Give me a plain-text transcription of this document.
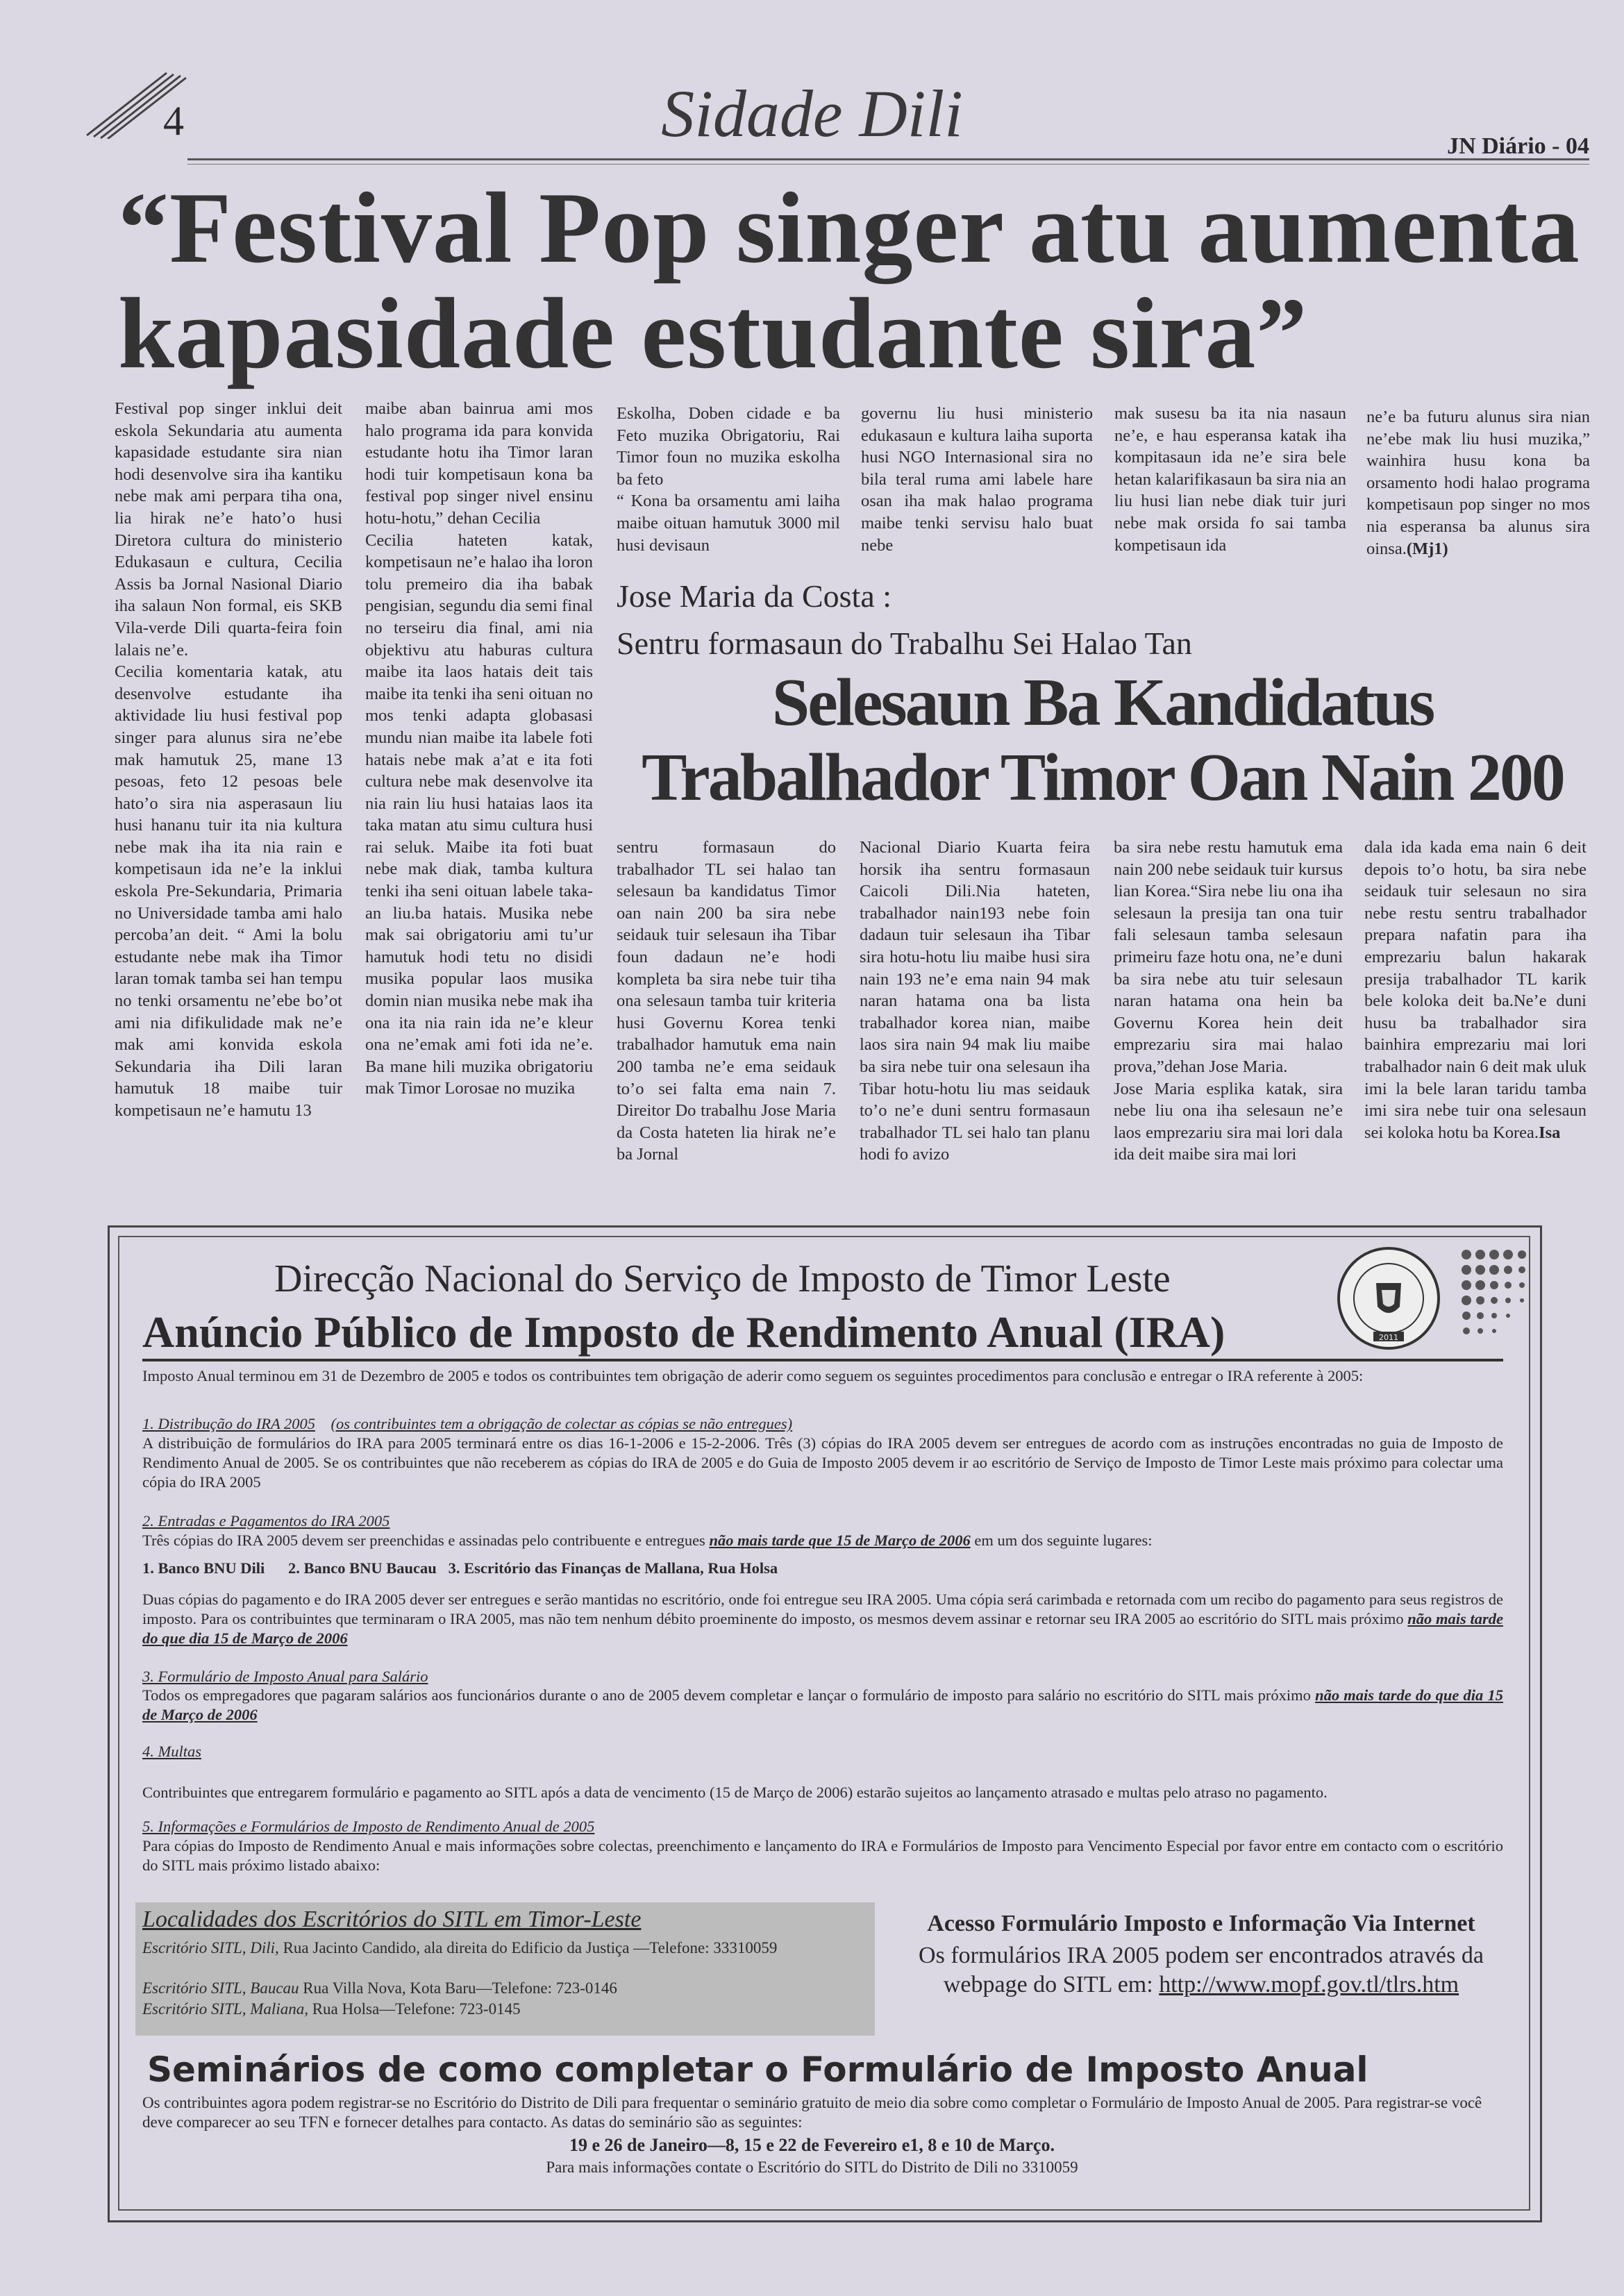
4	Sidade Dili	JN Diário - 04
“Festival Pop singer atu aumenta
kapasidade estudante sira”
Festival pop singer inklui deit eskola Sekundaria atu aumenta kapasidade estudante sira nian hodi desenvolve sira iha kantiku nebe mak ami perpara tiha ona, lia hirak ne’e hato’o husi Diretora cultura do ministerio Edukasaun e cultura, Cecilia Assis ba Jornal Nasional Diario iha salaun Non formal, eis SKB Vila-verde Dili quarta-feira foin lalais ne’e.
Cecilia komentaria katak, atu desenvolve estudante iha aktividade liu husi festival pop singer para alunus sira ne’ebe mak hamutuk 25, mane 13 pesoas, feto 12 pesoas bele hato’o sira nia asperasaun liu husi hananu tuir ita nia kultura nebe mak iha ita nia rain e kompetisaun ida ne’e la inklui eskola Pre-Sekundaria, Primaria no Universidade tamba ami halo percoba’an deit. “ Ami la bolu estudante nebe mak iha Timor laran tomak tamba sei han tempu no tenki orsamentu ne’ebe bo’ot ami nia difikulidade mak ne’e mak ami konvida eskola Sekundaria iha Dili laran hamutuk 18 maibe tuir kompetisaun ne’e hamutu 13
maibe aban bainrua ami mos halo programa ida para konvida estudante hotu iha Timor laran hodi tuir kompetisaun kona ba festival pop singer nivel ensinu hotu-hotu,” dehan Cecilia
Cecilia hateten katak, kompetisaun ne’e halao iha loron tolu premeiro dia iha babak pengisian, segundu dia semi final no terseiru dia final, ami nia objektivu atu haburas cultura maibe ita laos hatais deit tais maibe ita tenki iha seni oituan no mos tenki adapta globasasi mundu nian maibe ita labele foti hatais nebe mak a’at e ita foti cultura nebe mak desenvolve ita nia rain liu husi hataias laos ita taka matan atu simu cultura husi rai seluk. Maibe ita foti buat nebe mak diak, tamba kultura tenki iha seni oituan labele taka-an liu.ba hatais. Musika nebe mak sai obrigatoriu ami tu’ur hamutuk hodi tetu no disidi musika popular laos musika domin nian musika nebe mak iha ona ita nia rain ida ne’e kleur ona ne’emak ami foti ida ne’e. Ba mane hili muzika obrigatoriu mak Timor Lorosae no muzika
Eskolha, Doben cidade e ba Feto muzika Obrigatoriu, Rai Timor foun no muzika eskolha ba feto
“ Kona ba orsamentu ami laiha maibe oituan hamutuk 3000 mil husi devisaun
governu liu husi ministerio edukasaun e kultura laiha suporta husi NGO Internasional sira no bila teral ruma ami labele hare osan iha mak halao programa maibe tenki servisu halo buat nebe
mak susesu ba ita nia nasaun ne’e, e hau esperansa katak iha kompitasaun ida ne’e sira bele hetan kalarifikasaun ba sira nia an liu husi lian nebe diak tuir juri nebe mak orsida fo sai tamba kompetisaun ida
ne’e ba futuru alunus sira nian ne’ebe mak liu husi muzika,” wainhira husu kona ba orsamento hodi halao programa kompetisaun pop singer no mos nia esperansa ba alunus sira oinsa.(Mj1)
Jose Maria da Costa :
Sentru formasaun do Trabalhu Sei Halao Tan
Selesaun Ba Kandidatus
Trabalhador Timor Oan Nain 200
sentru formasaun do trabalhador TL sei halao tan selesaun ba kandidatus Timor oan nain 200 ba sira nebe seidauk tuir selesaun iha Tibar foun dadaun ne’e hodi kompleta ba sira nebe tuir tiha ona selesaun tamba tuir kriteria husi Governu Korea tenki trabalhador hamutuk ema nain 200 tamba ne’e ema seidauk to’o sei falta ema nain 7. Direitor Do trabalhu Jose Maria da Costa hateten lia hirak ne’e ba Jornal
Nacional Diario Kuarta feira horsik iha sentru formasaun Caicoli Dili.Nia hateten, trabalhador nain193 nebe foin dadaun tuir selesaun iha Tibar sira hotu-hotu liu maibe husi sira nain 193 ne’e ema nain 94 mak naran hatama ona ba lista trabalhador korea nian, maibe laos sira nain 94 mak liu maibe ba sira nebe tuir ona selesaun iha Tibar hotu-hotu liu mas seidauk to’o ne’e duni sentru formasaun trabalhador TL sei halo tan planu hodi fo avizo
ba sira nebe restu hamutuk ema nain 200 nebe seidauk tuir kursus lian Korea.“Sira nebe liu ona iha selesaun la presija tan ona tuir fali selesaun tamba selesaun primeiru faze hotu ona, ne’e duni ba sira nebe atu tuir selesaun naran hatama ona hein ba Governu Korea hein deit emprezariu sira mai halao prova,”dehan Jose Maria.
Jose Maria esplika katak, sira nebe liu ona iha selesaun ne’e laos emprezariu sira mai lori dala ida deit maibe sira mai lori
dala ida kada ema nain 6 deit depois to’o hotu, ba sira nebe seidauk tuir selesaun no sira nebe restu sentru trabalhador prepara nafatin para iha emprezariu balun hakarak presija trabalhador TL karik bele koloka deit ba.Ne’e duni husu ba trabalhador sira bainhira emprezariu mai lori trabalhador nain 6 deit mak uluk imi la bele laran taridu tamba imi sira nebe tuir ona selesaun sei koloka hotu ba Korea.Isa
Direcção Nacional do Serviço de Imposto de Timor Leste
Anúncio Público de Imposto de Rendimento Anual (IRA)	2011

Imposto Anual terminou em 31 de Dezembro de 2005 e todos os contribuintes tem obrigação de aderir como seguem os seguintes procedimentos para conclusão e entregar o IRA referente à 2005:

1. Distribução do IRA 2005 (os contribuintes tem a obrigação de colectar as cópias se não entregues)

A distribuição de formulários do IRA para 2005 terminará entre os dias 16-1-2006 e 15-2-2006. Três (3) cópias do IRA 2005 devem ser entregues de acordo com as instruções encontradas no guia de Imposto de Rendimento Anual de 2005. Se os contribuintes que não receberem as cópias do IRA de 2005 e do Guia de Imposto 2005 devem ir ao escritório de Serviço de Imposto de Timor Leste mais próximo para colectar uma cópia do IRA 2005

2. Entradas e Pagamentos do IRA 2005

Três cópias do IRA 2005 devem ser preenchidas e assinadas pelo contribuente e entregues não mais tarde que 15 de Março de 2006 em um dos seguinte lugares:

1. Banco BNU Dili      2. Banco BNU Baucau   3. Escritório das Finanças de Mallana, Rua Holsa

Duas cópias do pagamento e do IRA 2005 dever ser entregues e serão mantidas no escritório, onde foi entregue seu IRA 2005. Uma cópia será carimbada e retornada com um recibo do pagamento para seus registros de imposto. Para os contribuintes que terminaram o IRA 2005, mas não tem nenhum débito proeminente do imposto, os mesmos devem assinar e retornar seu IRA 2005 ao escritório do SITL mais próximo não mais tarde do que dia 15 de Março de 2006

3. Formulário de Imposto Anual para Salário

Todos os empregadores que pagaram salários aos funcionários durante o ano de 2005 devem completar e lançar o formulário de imposto para salário no escritório do SITL mais próximo não mais tarde do que dia 15 de Março de 2006

4. Multas

Contribuintes que entregarem formulário e pagamento ao SITL após a data de vencimento (15 de Março de 2006) estarão sujeitos ao lançamento atrasado e multas pelo atraso no pagamento.

5. Informações e Formulários de Imposto de Rendimento Anual de 2005

Para cópias do Imposto de Rendimento Anual e mais informações sobre colectas, preenchimento e lançamento do IRA e Formulários de Imposto para Vencimento Especial por favor entre em contacto com o escritório do SITL mais próximo listado abaixo:

Localidades dos Escritórios do SITL em Timor-Leste

Escritório SITL, Dili, Rua Jacinto Candido, ala direita do Edificio da Justiça —Telefone: 33310059

Escritório SITL, Baucau Rua Villa Nova, Kota Baru—Telefone: 723-0146

Escritório SITL, Maliana, Rua Holsa—Telefone: 723-0145

Acesso Formulário Imposto e Informação Via Internet

Os formulários IRA 2005 podem ser encontrados através da webpage do SITL em: http://www.mopf.gov.tl/tlrs.htm

Seminários de como completar o Formulário de Imposto Anual

Os contribuintes agora podem registrar-se no Escritório do Distrito de Dili para frequentar o seminário gratuito de meio dia sobre como completar o Formulário de Imposto Anual de 2005. Para registrar-se você deve comparecer ao seu TFN e fornecer detalhes para contacto. As datas do seminário são as seguintes:

19 e 26 de Janeiro—8, 15 e 22 de Fevereiro e1, 8 e 10 de Março.

Para mais informações contate o Escritório do SITL do Distrito de Dili no 3310059
